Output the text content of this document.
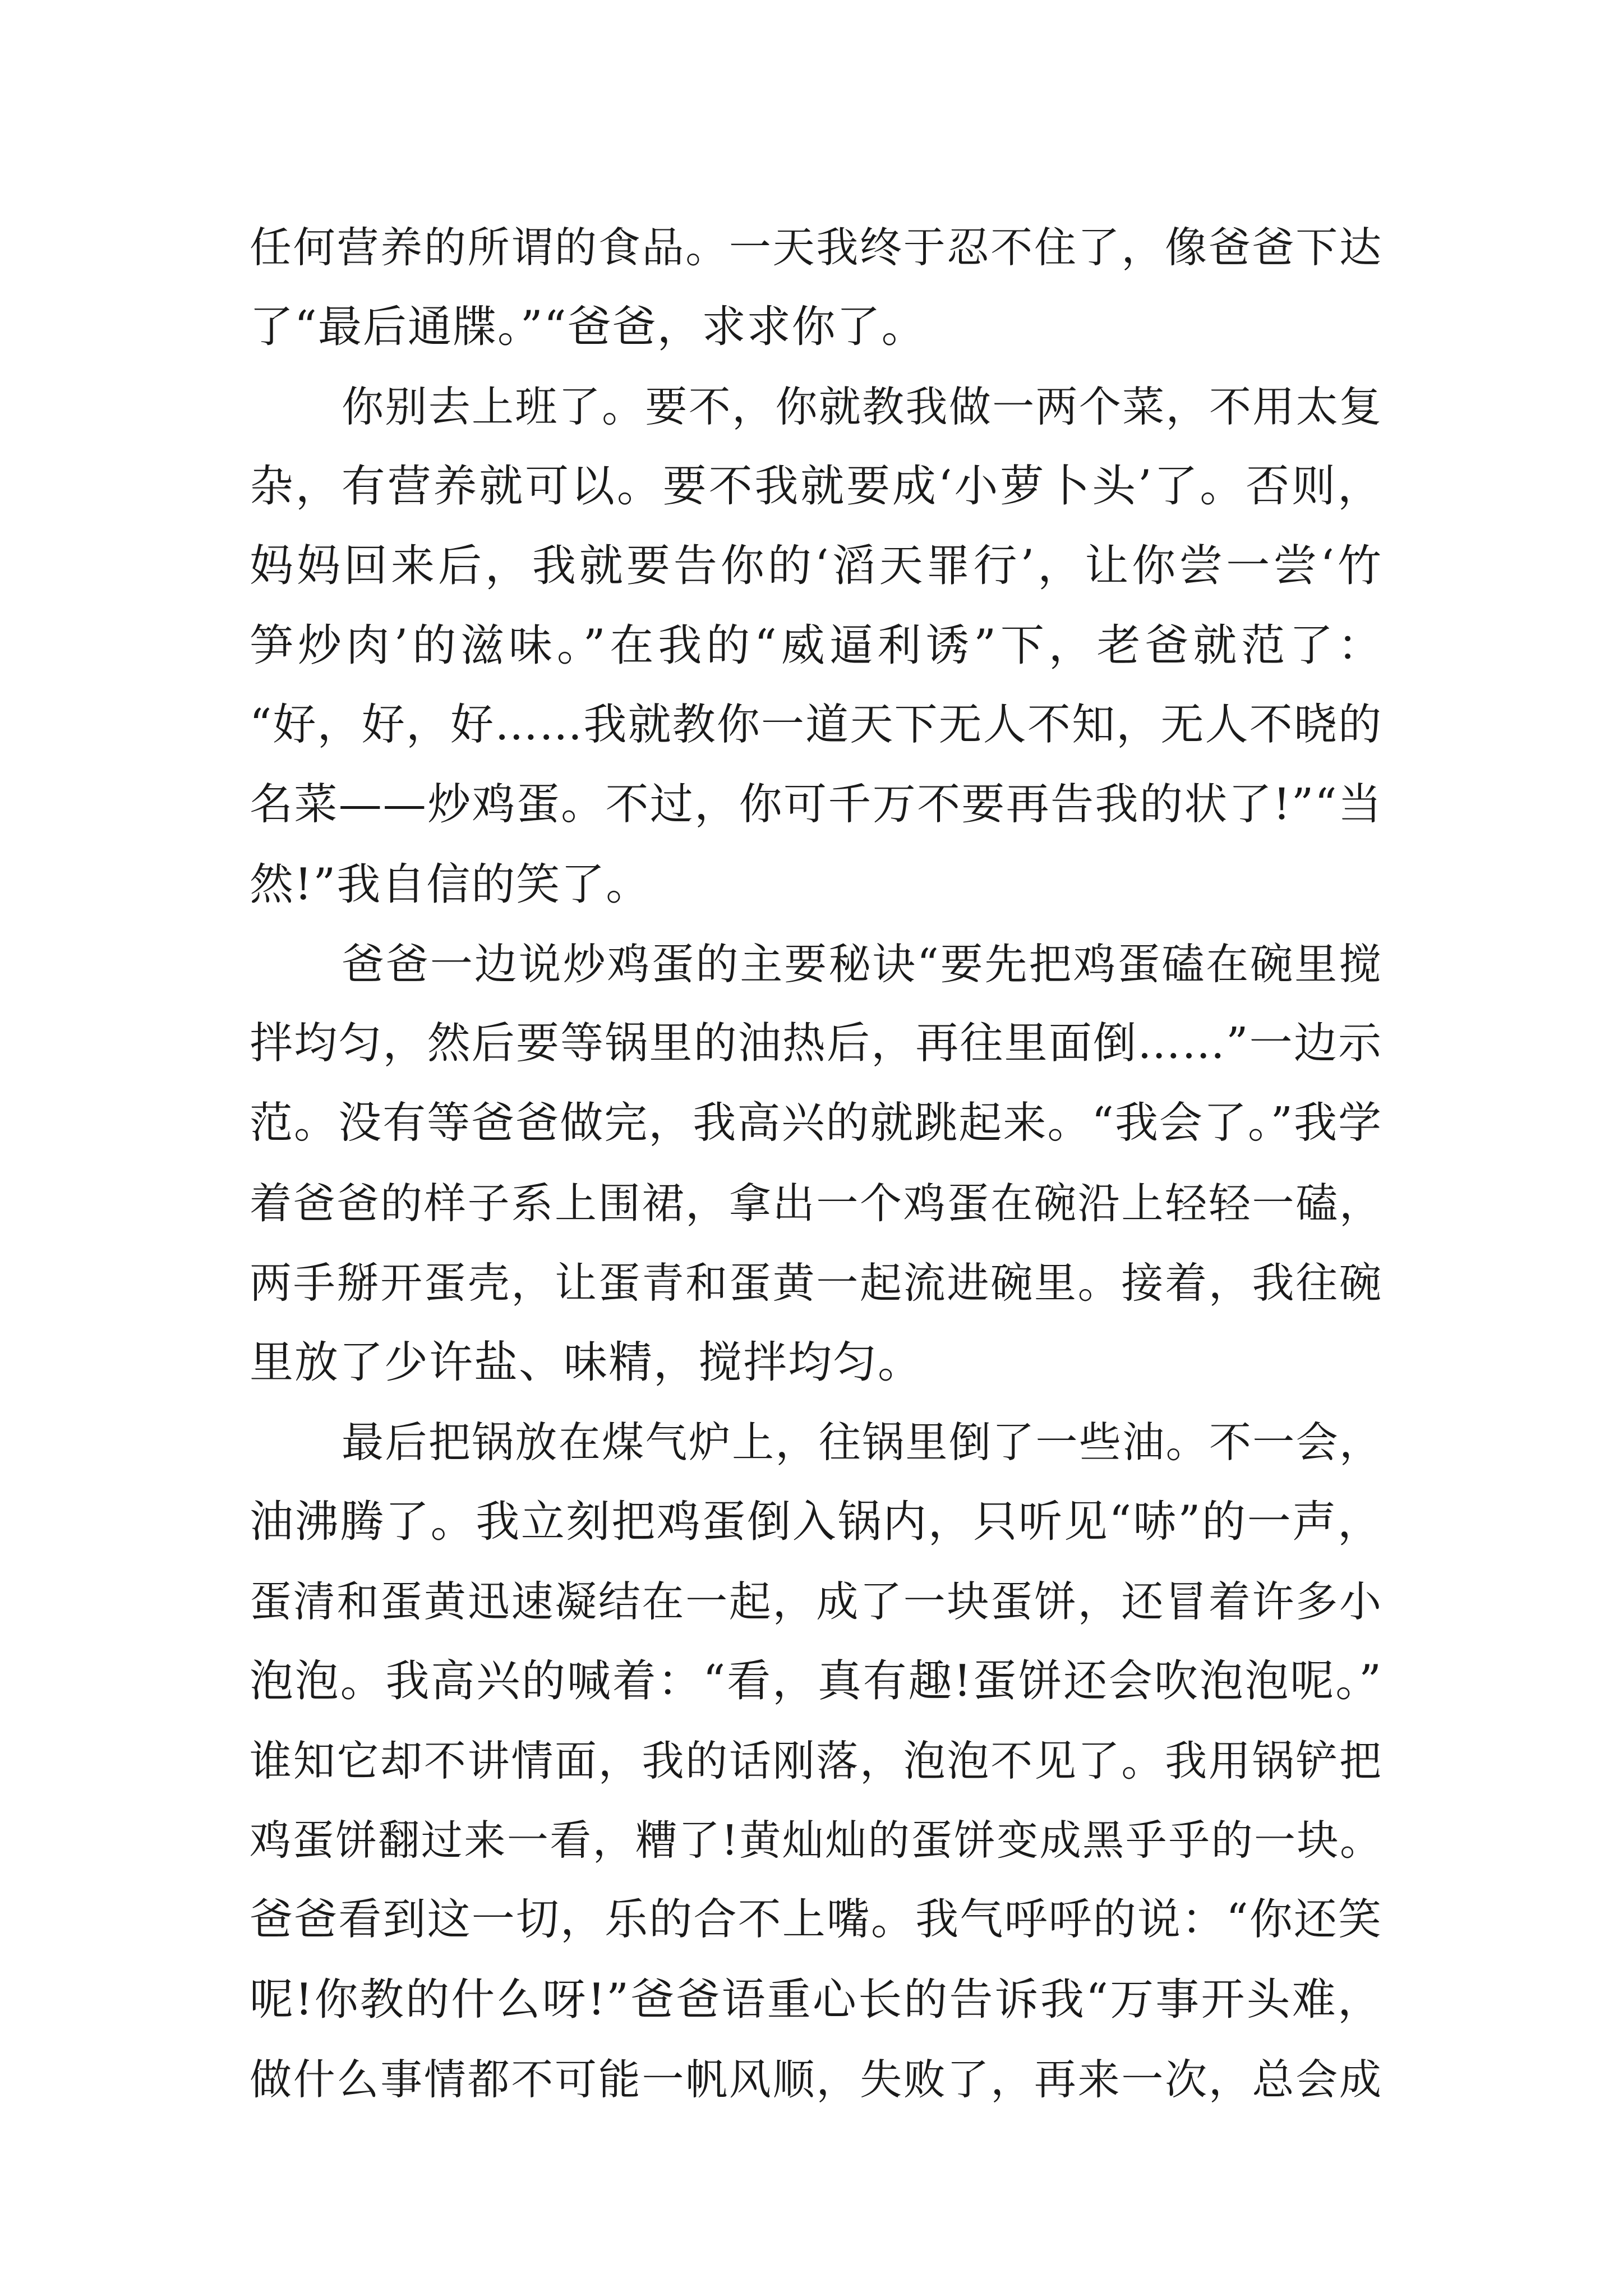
任何营养的所谓的食品。一天我终于忍不住了，像爸爸下达
了“最后通牒。”“爸爸，求求你了。
你别去上班了。要不，你就教我做一两个菜，不用太复
杂，有营养就可以。要不我就要成‘小萝卜头’了。否则，
妈妈回来后，我就要告你的‘滔天罪行’，让你尝一尝‘竹
笋炒肉’的滋味。”在我的“威逼利诱”下，老爸就范了：
“好，好，好……我就教你一道天下无人不知，无人不晓的
名菜——炒鸡蛋。不过，你可千万不要再告我的状了!”“当
然!”我自信的笑了。
爸爸一边说炒鸡蛋的主要秘诀“要先把鸡蛋磕在碗里搅
拌均匀，然后要等锅里的油热后，再往里面倒……”一边示
范。没有等爸爸做完，我高兴的就跳起来。“我会了。”我学
着爸爸的样子系上围裙，拿出一个鸡蛋在碗沿上轻轻一磕，
两手掰开蛋壳，让蛋青和蛋黄一起流进碗里。接着，我往碗
里放了少许盐、味精，搅拌均匀。
最后把锅放在煤气炉上，往锅里倒了一些油。不一会，
油沸腾了。我立刻把鸡蛋倒入锅内，只听见“哧”的一声，
蛋清和蛋黄迅速凝结在一起，成了一块蛋饼，还冒着许多小
泡泡。我高兴的喊着：“看，真有趣!蛋饼还会吹泡泡呢。”
谁知它却不讲情面，我的话刚落，泡泡不见了。我用锅铲把
鸡蛋饼翻过来一看，糟了!黄灿灿的蛋饼变成黑乎乎的一块。
爸爸看到这一切，乐的合不上嘴。我气呼呼的说：“你还笑
呢!你教的什么呀!”爸爸语重心长的告诉我“万事开头难，
做什么事情都不可能一帆风顺，失败了，再来一次，总会成
